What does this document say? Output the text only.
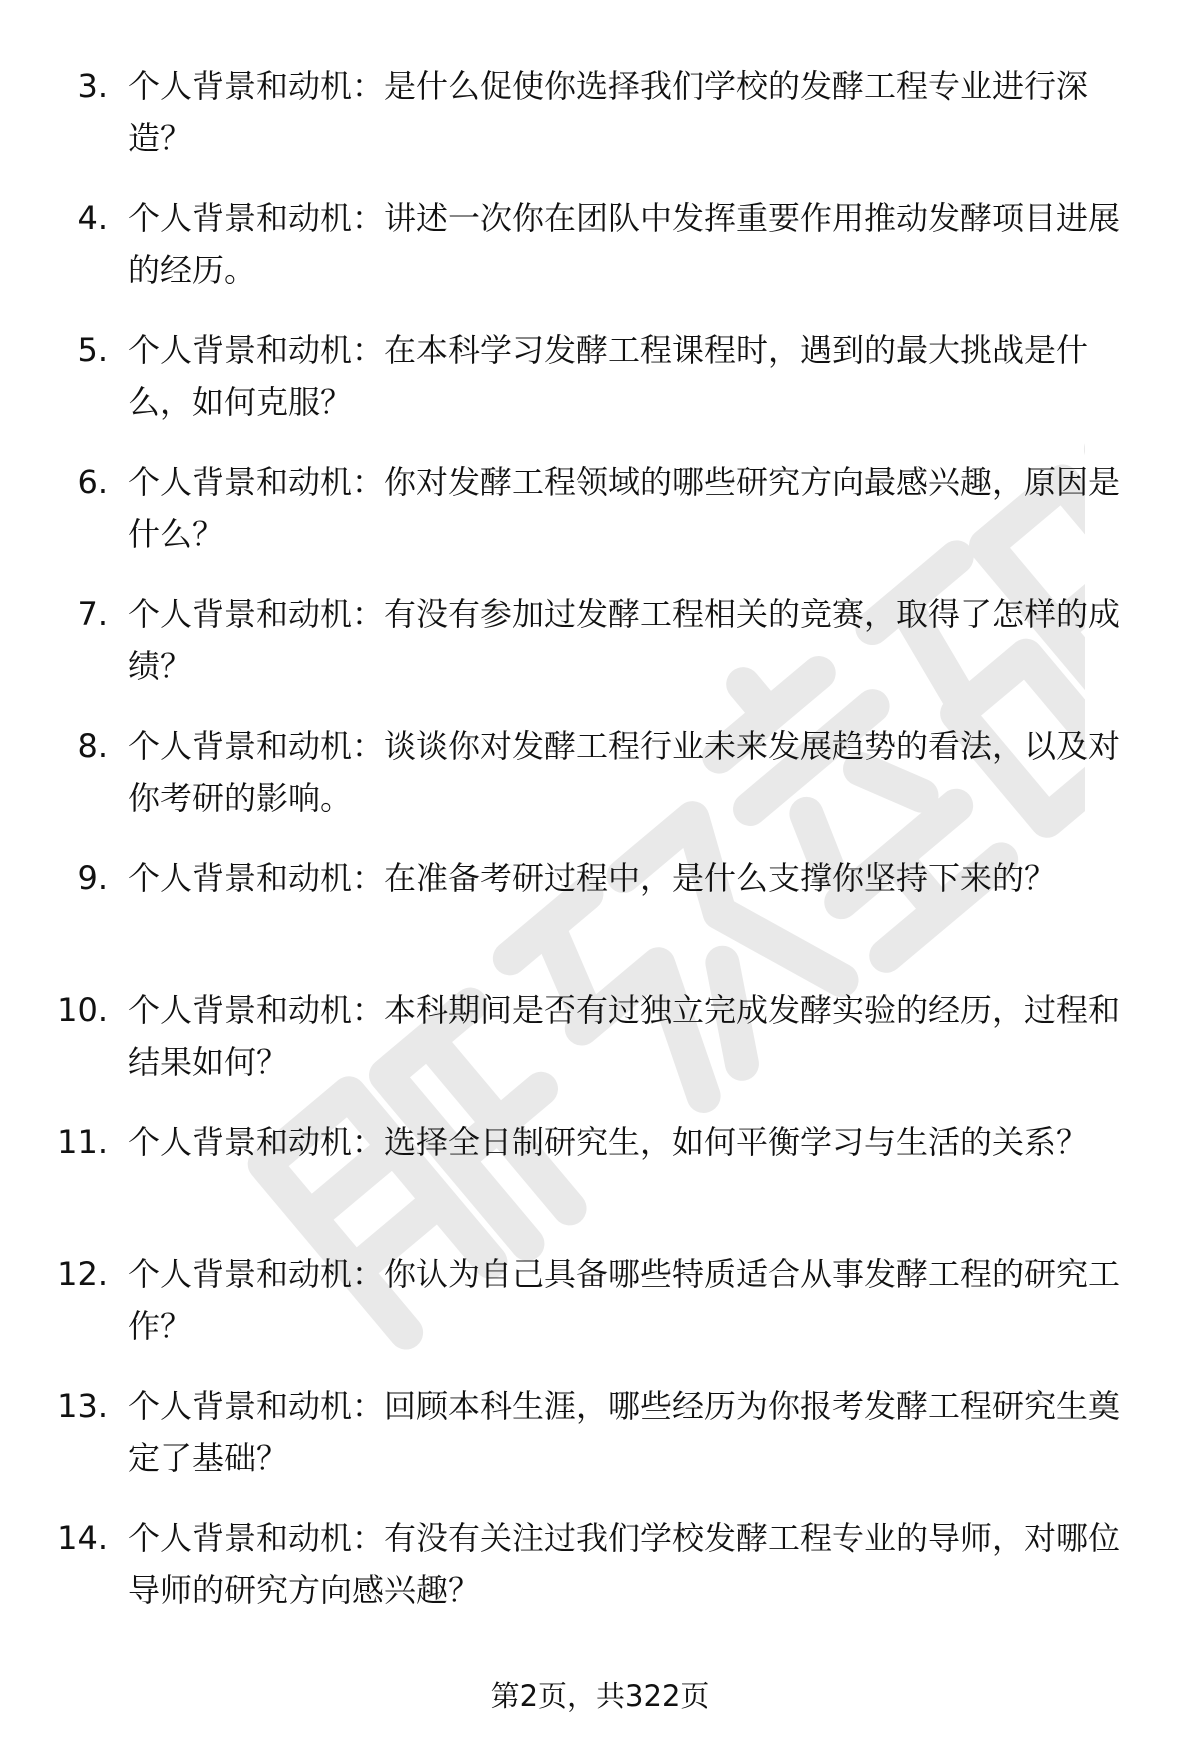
3. 个人背景和动机：是什么促使你选择我们学校的发酵工程专业进行深造？
4. 个人背景和动机：讲述一次你在团队中发挥重要作用推动发酵项目进展的经历。
5. 个人背景和动机：在本科学习发酵工程课程时，遇到的最大挑战是什么，如何克服？
6. 个人背景和动机：你对发酵工程领域的哪些研究方向最感兴趣，原因是什么？
7. 个人背景和动机：有没有参加过发酵工程相关的竞赛，取得了怎样的成绩？
8. 个人背景和动机：谈谈你对发酵工程行业未来发展趋势的看法，以及对你考研的影响。
9. 个人背景和动机：在准备考研过程中，是什么支撑你坚持下来的？
10. 个人背景和动机：本科期间是否有过独立完成发酵实验的经历，过程和结果如何？
11. 个人背景和动机：选择全日制研究生，如何平衡学习与生活的关系？
12. 个人背景和动机：你认为自己具备哪些特质适合从事发酵工程的研究工作？
13. 个人背景和动机：回顾本科生涯，哪些经历为你报考发酵工程研究生奠定了基础？
14. 个人背景和动机：有没有关注过我们学校发酵工程专业的导师，对哪位导师的研究方向感兴趣？
第2页，共322页
